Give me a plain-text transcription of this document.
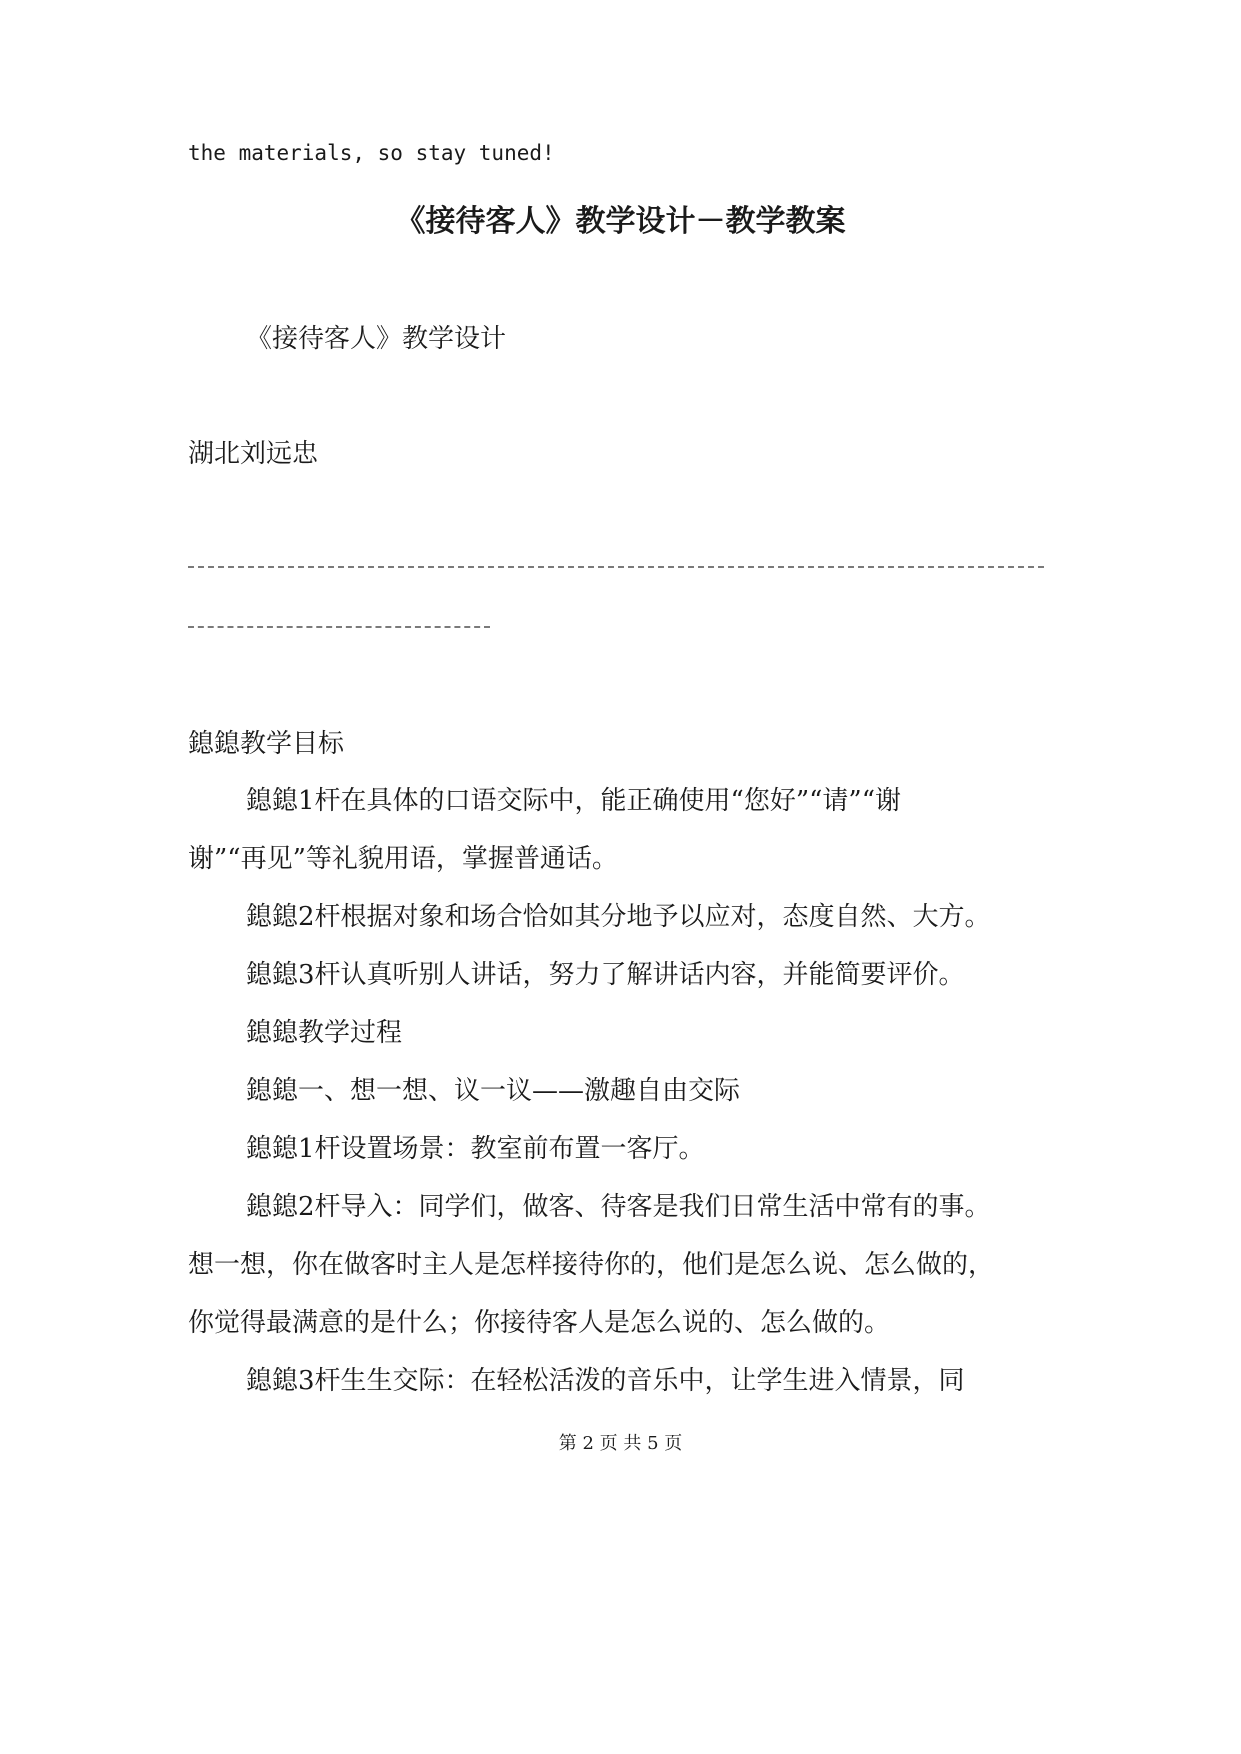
the materials, so stay tuned!
《接待客人》教学设计－教学教案
《接待客人》教学设计
湖北刘远忠
鎴鎴教学目标
鎴鎴1杆在具体的口语交际中，能正确使用“您好”“请”“谢
谢”“再见”等礼貌用语，掌握普通话。
鎴鎴2杆根据对象和场合恰如其分地予以应对，态度自然、大方。
鎴鎴3杆认真听别人讲话，努力了解讲话内容，并能简要评价。
鎴鎴教学过程
鎴鎴一、想一想、议一议——激趣自由交际
鎴鎴1杆设置场景：教室前布置一客厅。
鎴鎴2杆导入：同学们，做客、待客是我们日常生活中常有的事。
想一想，你在做客时主人是怎样接待你的，他们是怎么说、怎么做的，
你觉得最满意的是什么；你接待客人是怎么说的、怎么做的。
鎴鎴3杆生生交际：在轻松活泼的音乐中，让学生进入情景，同
第 2 页 共 5 页
